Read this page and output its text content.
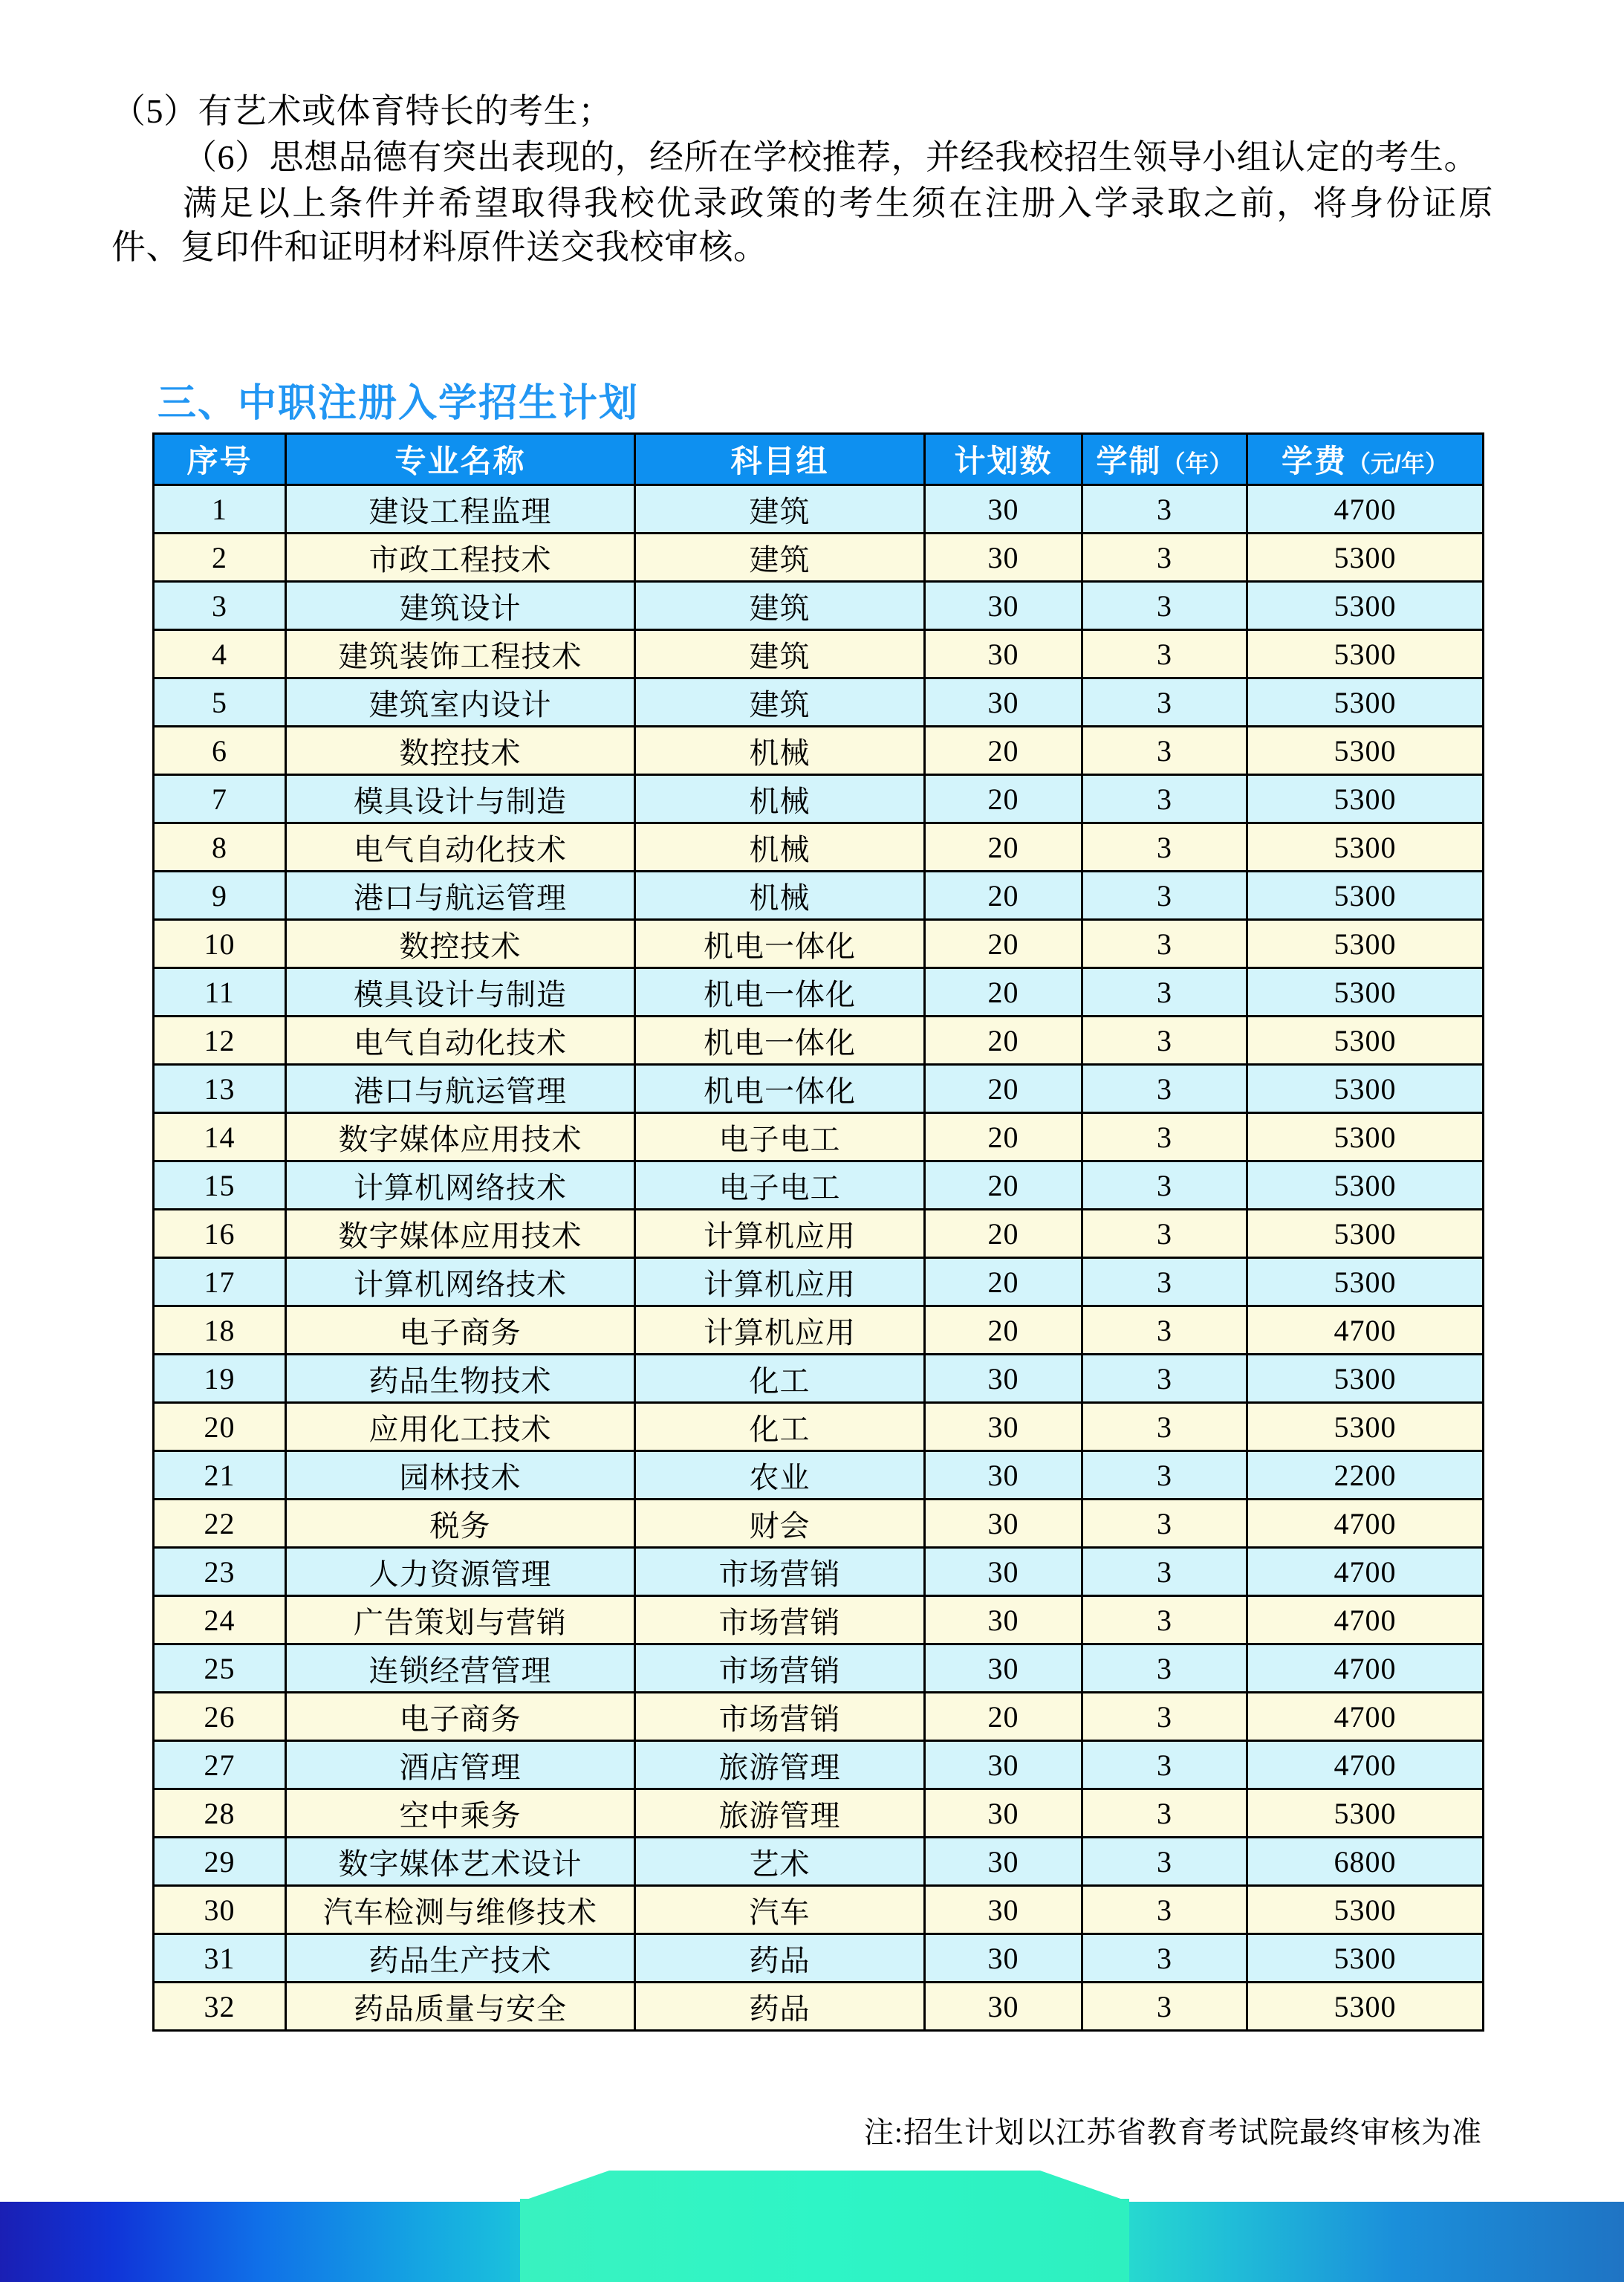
（5）有艺术或体育特长的考生；

（6）思想品德有突出表现的，经所在学校推荐，并经我校招生领导小组认定的考生。

满足以上条件并希望取得我校优录政策的考生须在注册入学录取之前，将身份证原件、复印件和证明材料原件送交我校审核。

三、中职注册入学招生计划
序号	专业名称	科目组	计划数	学制（年）	学费（元/年）
1	建设工程监理	建筑	30	3	4700
2	市政工程技术	建筑	30	3	5300
3	建筑设计	建筑	30	3	5300
4	建筑装饰工程技术	建筑	30	3	5300
5	建筑室内设计	建筑	30	3	5300
6	数控技术	机械	20	3	5300
7	模具设计与制造	机械	20	3	5300
8	电气自动化技术	机械	20	3	5300
9	港口与航运管理	机械	20	3	5300
10	数控技术	机电一体化	20	3	5300
11	模具设计与制造	机电一体化	20	3	5300
12	电气自动化技术	机电一体化	20	3	5300
13	港口与航运管理	机电一体化	20	3	5300
14	数字媒体应用技术	电子电工	20	3	5300
15	计算机网络技术	电子电工	20	3	5300
16	数字媒体应用技术	计算机应用	20	3	5300
17	计算机网络技术	计算机应用	20	3	5300
18	电子商务	计算机应用	20	3	4700
19	药品生物技术	化工	30	3	5300
20	应用化工技术	化工	30	3	5300
21	园林技术	农业	30	3	2200
22	税务	财会	30	3	4700
23	人力资源管理	市场营销	30	3	4700
24	广告策划与营销	市场营销	30	3	4700
25	连锁经营管理	市场营销	30	3	4700
26	电子商务	市场营销	20	3	4700
27	酒店管理	旅游管理	30	3	4700
28	空中乘务	旅游管理	30	3	5300
29	数字媒体艺术设计	艺术	30	3	6800
30	汽车检测与维修技术	汽车	30	3	5300
31	药品生产技术	药品	30	3	5300
32	药品质量与安全	药品	30	3	5300
注:招生计划以江苏省教育考试院最终审核为准
